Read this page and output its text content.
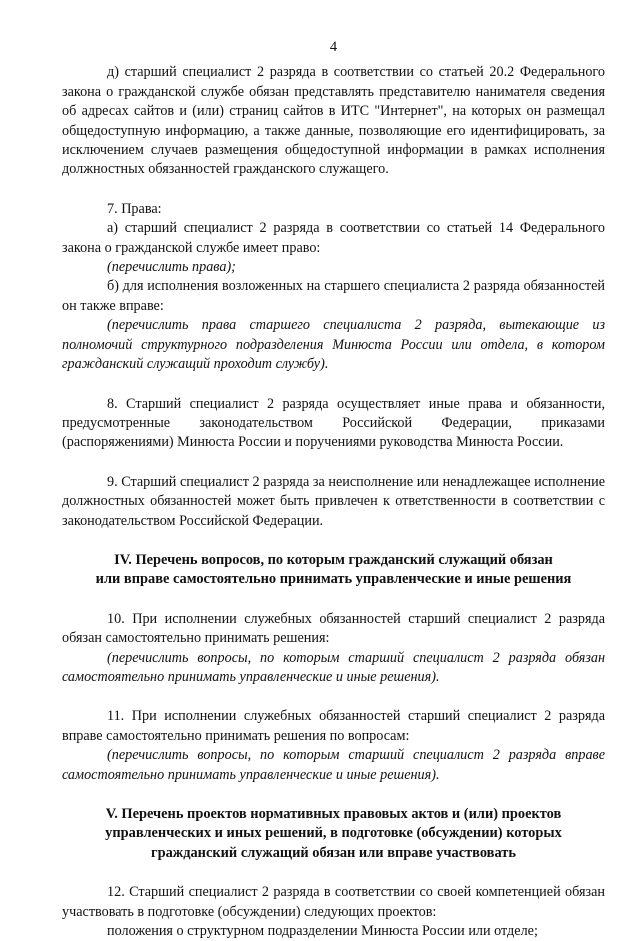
4

д) старший специалист 2 разряда в соответствии со статьей 20.2 Федерального закона о гражданской службе обязан представлять представителю нанимателя сведения об адресах сайтов и (или) страниц сайтов в ИТС "Интернет", на которых он размещал общедоступную информацию, а также данные, позволяющие его идентифицировать, за исключением случаев размещения общедоступной информации в рамках исполнения должностных обязанностей гражданского служащего.

7. Права:

а) старший специалист 2 разряда в соответствии со статьей 14 Федерального закона о гражданской службе имеет право:

(перечислить права);

б) для исполнения возложенных на старшего специалиста 2 разряда обязанностей он также вправе:

(перечислить права старшего специалиста 2 разряда, вытекающие из полномочий структурного подразделения Минюста России или отдела, в котором гражданский служащий проходит службу).

8. Старший специалист 2 разряда осуществляет иные права и обязанности, предусмотренные законодательством Российской Федерации, приказами (распоряжениями) Минюста России и поручениями руководства Минюста России.

9. Старший специалист 2 разряда за неисполнение или ненадлежащее исполнение должностных обязанностей может быть привлечен к ответственности в соответствии с законодательством Российской Федерации.

IV. Перечень вопросов, по которым гражданский служащий обязан

или вправе самостоятельно принимать управленческие и иные решения

10. При исполнении служебных обязанностей старший специалист 2 разряда обязан самостоятельно принимать решения:

(перечислить вопросы, по которым старший специалист 2 разряда обязан самостоятельно принимать управленческие и иные решения).

11. При исполнении служебных обязанностей старший специалист 2 разряда вправе самостоятельно принимать решения по вопросам:

(перечислить вопросы, по которым старший специалист 2 разряда вправе самостоятельно принимать управленческие и иные решения).

V. Перечень проектов нормативных правовых актов и (или) проектов

управленческих и иных решений, в подготовке (обсуждении) которых

гражданский служащий обязан или вправе участвовать

12. Старший специалист 2 разряда в соответствии со своей компетенцией обязан участвовать в подготовке (обсуждении) следующих проектов:

положения о структурном подразделении Минюста России или отделе;
